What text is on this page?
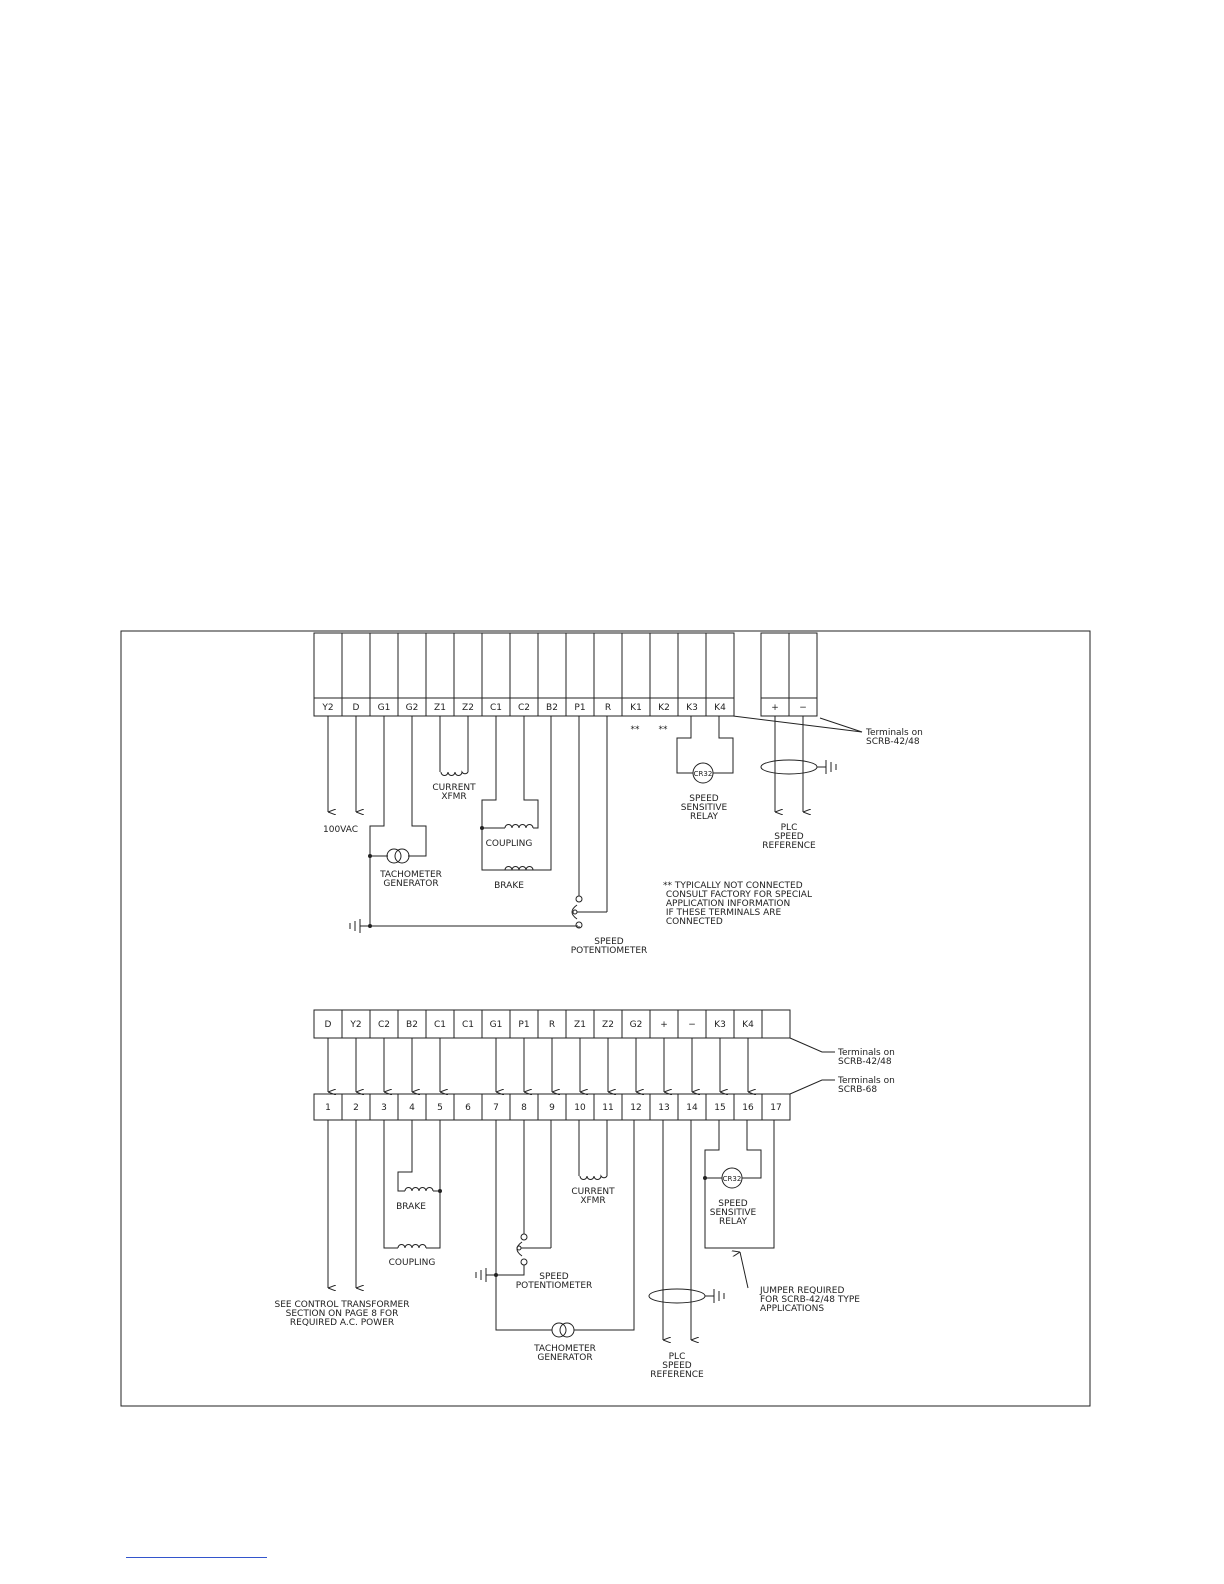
Y2 D G1 G2 Z1 Z2 C1 C2 B2 P1 R K1 K2 K3 K4	+ −
** **
100VAC
TACHOMETER GENERATOR
CURRENT XFMR
COUPLING
BRAKE
SPEED POTENTIOMETER
CR32
SPEED SENSITIVE RELAY
PLC SPEED REFERENCE
Terminals on SCRB-42/48
** TYPICALLY NOT CONNECTED CONSULT FACTORY FOR SPECIAL APPLICATION INFORMATION IF THESE TERMINALS ARE CONNECTED
D Y2 C2 B2 C1 C1 G1 P1 R Z1 Z2 G2 + − K3 K4
1 2 3 4 5 6 7 8 9 10 11 12 13 14 15 16 17
Terminals on SCRB-42/48
Terminals on SCRB-68
SEE CONTROL TRANSFORMER SECTION ON PAGE 8 FOR REQUIRED A.C. POWER
BRAKE
COUPLING
SPEED POTENTIOMETER
TACHOMETER GENERATOR
CURRENT XFMR
PLC SPEED REFERENCE
CR32
SPEED SENSITIVE RELAY
JUMPER REQUIRED FOR SCRB-42/48 TYPE APPLICATIONS
